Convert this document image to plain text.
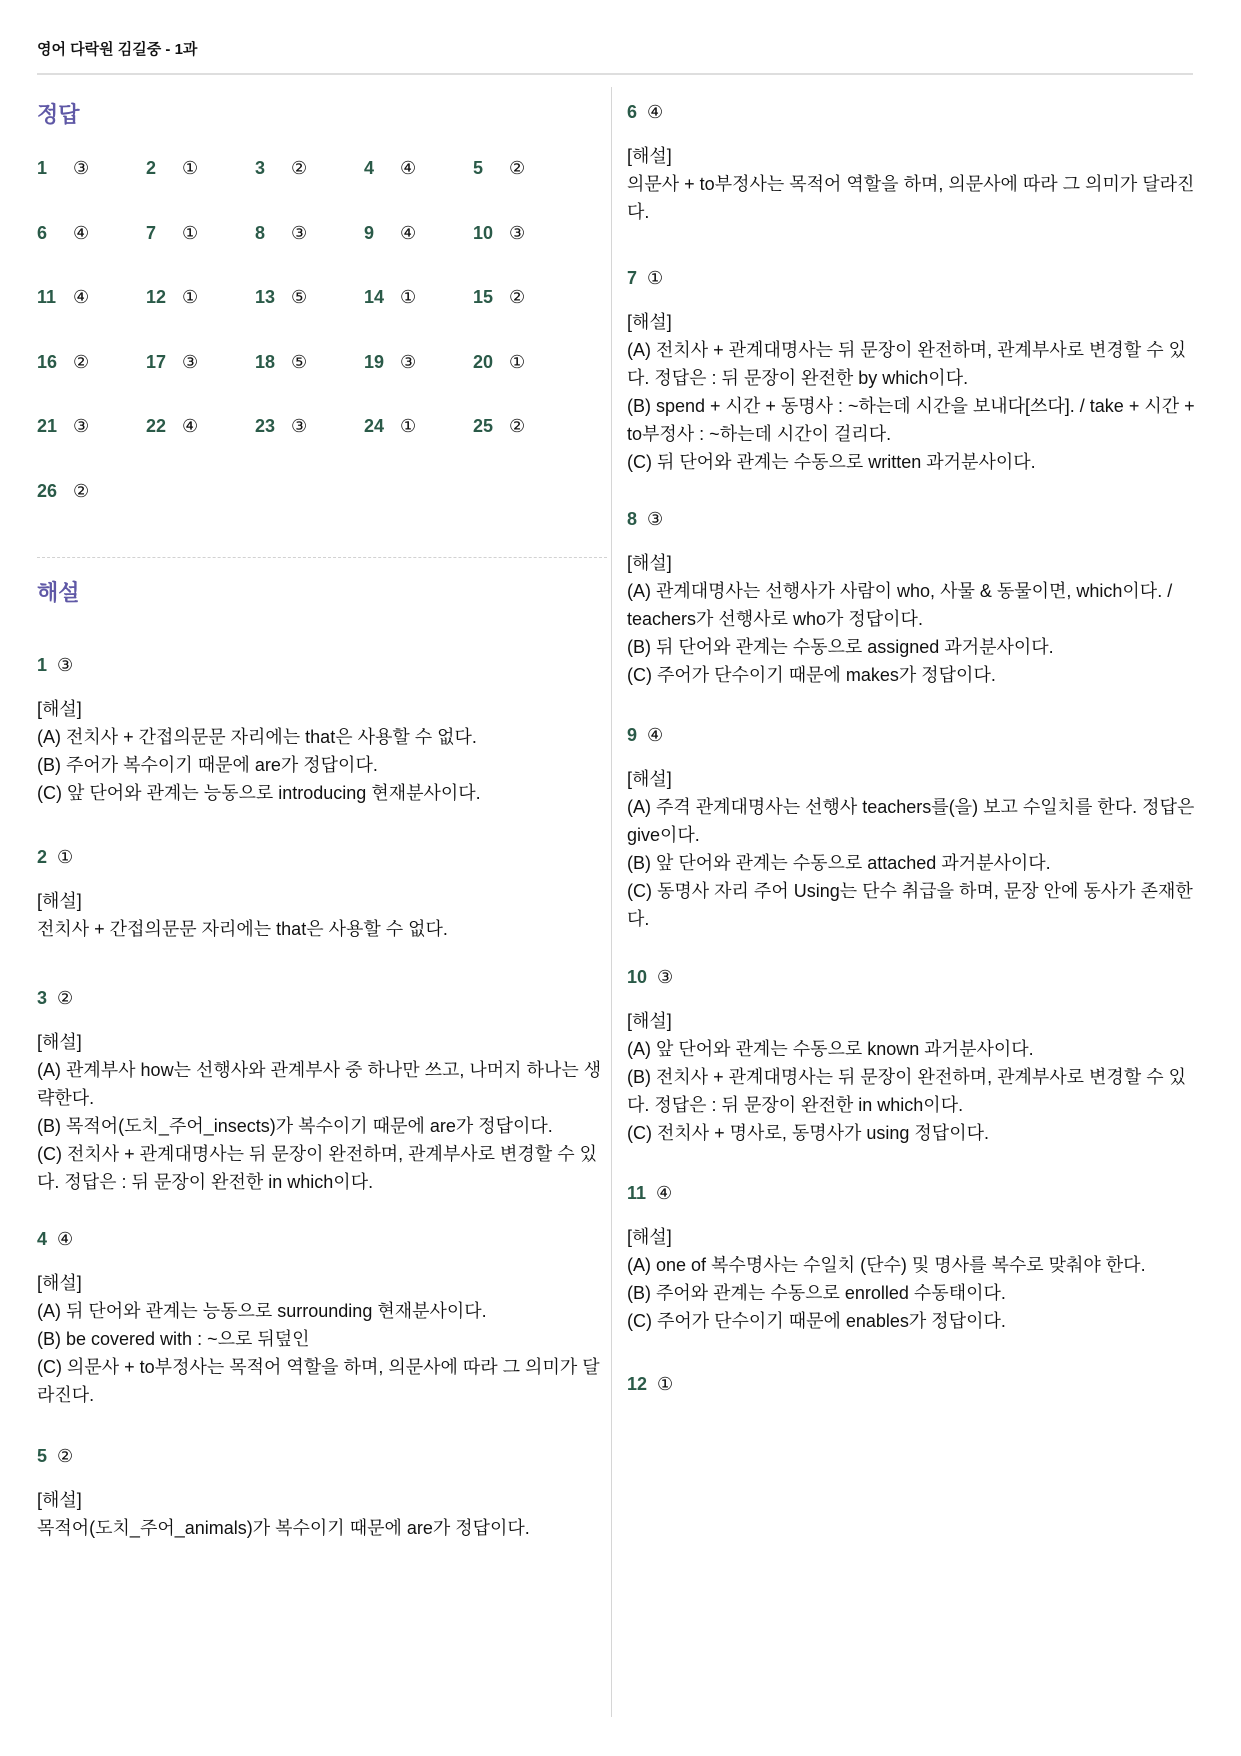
영어 다락원 김길중 - 1과
정답
1	③	2	①	3	②	4	④	5	②
6	④	7	①	8	③	9	④	10 ③
11 ④	12 ①	13 ⑤	14 ①	15 ②
16 ②	17 ③	18 ⑤	19 ③	20 ①
21 ③	22 ④	23 ③	24 ①	25 ②
26 ②
해설
1 ③
[해설]
(A) 전치사 + 간접의문문 자리에는 that은 사용할 수 없다.
(B) 주어가 복수이기 때문에 are가 정답이다.
(C) 앞 단어와 관계는 능동으로 introducing 현재분사이다.
2 ①
[해설]
전치사 + 간접의문문 자리에는 that은 사용할 수 없다.
3 ②
[해설]
(A) 관계부사 how는 선행사와 관계부사 중 하나만 쓰고, 나머지 하나는 생략한다.
(B) 목적어(도치_주어_insects)가 복수이기 때문에 are가 정답이다.
(C) 전치사 + 관계대명사는 뒤 문장이 완전하며, 관계부사로 변경할 수 있다. 정답은 : 뒤 문장이 완전한 in which이다.
4 ④
[해설]
(A) 뒤 단어와 관계는 능동으로 surrounding 현재분사이다.
(B) be covered with : ~으로 뒤덮인
(C) 의문사 + to부정사는 목적어 역할을 하며, 의문사에 따라 그 의미가 달라진다.
5 ②
[해설]
목적어(도치_주어_animals)가 복수이기 때문에 are가 정답이다.
6 ④
[해설]
의문사 + to부정사는 목적어 역할을 하며, 의문사에 따라 그 의미가 달라진다.
7 ①
[해설]
(A) 전치사 + 관계대명사는 뒤 문장이 완전하며, 관계부사로 변경할 수 있다. 정답은 : 뒤 문장이 완전한 by which이다.
(B) spend + 시간 + 동명사 : ~하는데 시간을 보내다[쓰다]. / take + 시간 + to부정사 : ~하는데 시간이 걸리다.
(C) 뒤 단어와 관계는 수동으로 written 과거분사이다.
8 ③
[해설]
(A) 관계대명사는 선행사가 사람이 who, 사물 & 동물이면, which이다. / teachers가 선행사로 who가 정답이다.
(B) 뒤 단어와 관계는 수동으로 assigned 과거분사이다.
(C) 주어가 단수이기 때문에 makes가 정답이다.
9 ④
[해설]
(A) 주격 관계대명사는 선행사 teachers를(을) 보고 수일치를 한다. 정답은 give이다.
(B) 앞 단어와 관계는 수동으로 attached 과거분사이다.
(C) 동명사 자리 주어 Using는 단수 취급을 하며, 문장 안에 동사가 존재한다.
10 ③
[해설]
(A) 앞 단어와 관계는 수동으로 known 과거분사이다.
(B) 전치사 + 관계대명사는 뒤 문장이 완전하며, 관계부사로 변경할 수 있다. 정답은 : 뒤 문장이 완전한 in which이다.
(C) 전치사 + 명사로, 동명사가 using 정답이다.
11 ④
[해설]
(A) one of 복수명사는 수일치 (단수) 및 명사를 복수로 맞춰야 한다.
(B) 주어와 관계는 수동으로 enrolled 수동태이다.
(C) 주어가 단수이기 때문에 enables가 정답이다.
12 ①
